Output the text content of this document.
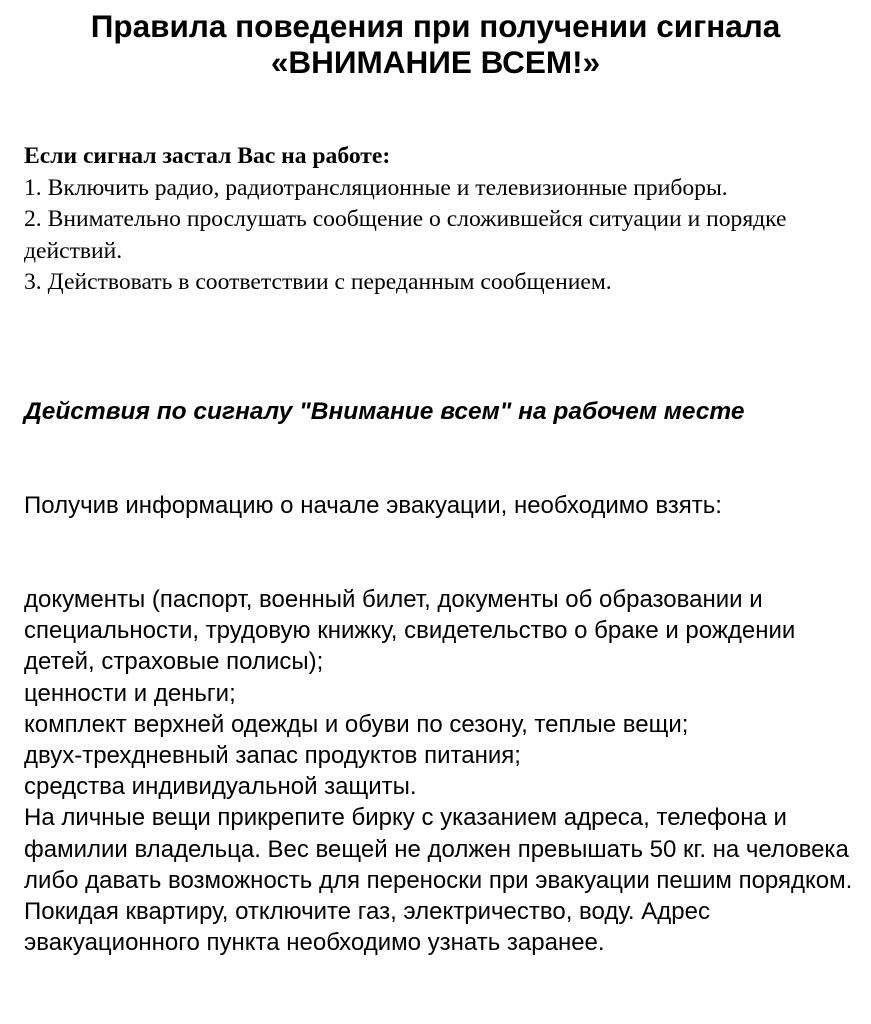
Правила поведения при получении сигнала
«ВНИМАНИЕ ВСЕМ!»
Если сигнал застал Вас на работе:
1. Включить радио, радиотрансляционные и телевизионные приборы.
2. Внимательно прослушать сообщение о сложившейся ситуации и порядке действий.
3. Действовать в соответствии с переданным сообщением.
Действия по сигналу "Внимание всем" на рабочем месте

Получив информацию о начале эвакуации, необходимо взять:

документы (паспорт, военный билет, документы об образовании и специальности, трудовую книжку, свидетельство о браке и рождении детей, страховые полисы);
ценности и деньги;
комплект верхней одежды и обуви по сезону, теплые вещи;
двух-трехдневный запас продуктов питания;
средства индивидуальной защиты.
На личные вещи прикрепите бирку с указанием адреса, телефона и фамилии владельца. Вес вещей не должен превышать 50 кг. на человека либо давать возможность для переноски при эвакуации пешим порядком. Покидая квартиру, отключите газ, электричество, воду. Адрес эвакуационного пункта необходимо узнать заранее.
